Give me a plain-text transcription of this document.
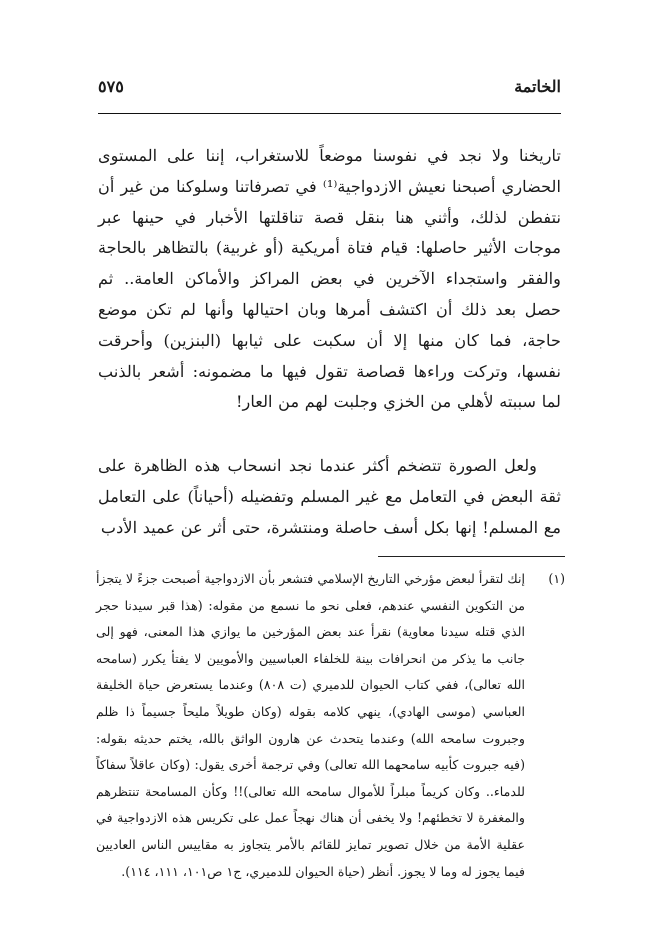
الخاتمة
٥٧٥

تاريخنا ولا نجد في نفوسنا موضعاً للاستغراب، إننا على المستوى الحضاري أصبحنا نعيش الازدواجية⁽¹⁾ في تصرفاتنا وسلوكنا من غير أن نتفطن لذلك، وأثني هنا بنقل قصة تناقلتها الأخبار في حينها عبر موجات الأثير حاصلها: قيام فتاة أمريكية (أو غربية) بالتظاهر بالحاجة والفقر واستجداء الآخرين في بعض المراكز والأماكن العامة.. ثم حصل بعد ذلك أن اكتشف أمرها وبان احتيالها وأنها لم تكن موضع حاجة، فما كان منها إلا أن سكبت على ثيابها (البنزين) وأحرقت نفسها، وتركت وراءها قصاصة تقول فيها ما مضمونه: أشعر بالذنب لما سببته لأهلي من الخزي وجلبت لهم من العار!

ولعل الصورة تتضخم أكثر عندما نجد انسحاب هذه الظاهرة على ثقة البعض في التعامل مع غير المسلم وتفضيله (أحياناً) على التعامل مع المسلم! إنها بكل أسف حاصلة ومنتشرة، حتى أثر عن عميد الأدب

(١)
إنك لتقرأ لبعض مؤرخي التاريخ الإسلامي فتشعر بأن الازدواجية أصبحت جزءً لا يتجزأ من التكوين النفسي عندهم، فعلى نحو ما نسمع من مقوله: (هذا قبر سيدنا حجر الذي قتله سيدنا معاوية) نقرأ عند بعض المؤرخين ما يوازي هذا المعنى، فهو إلى جانب ما يذكر من انحرافات بينة للخلفاء العباسيين والأمويين لا يفتأ يكرر (سامحه الله تعالى)، ففي كتاب الحيوان للدميري (ت ٨٠٨) وعندما يستعرض حياة الخليفة العباسي (موسى الهادي)، ينهي كلامه بقوله (وكان طويلاً مليحاً جسيماً ذا ظلم وجبروت سامحه الله) وعندما يتحدث عن هارون الواثق بالله، يختم حديثه بقوله: (فيه جبروت كأبيه سامحهما الله تعالى) وفي ترجمة أخرى يقول: (وكان عاقلاً سفاكاً للدماء.. وكان كريماً مبلراً للأموال سامحه الله تعالى)!! وكأن المسامحة تنتظرهم والمغفرة لا تخطئهم! ولا يخفى أن هناك نهجاً عمل على تكريس هذه الازدواجية في عقلية الأمة من خلال تصوير تمايز للقائم بالأمر يتجاوز به مقاييس الناس العاديين فيما يجوز له وما لا يجوز. أنظر (حياة الحيوان للدميري، ج١ ص١٠١، ١١١، ١١٤).
